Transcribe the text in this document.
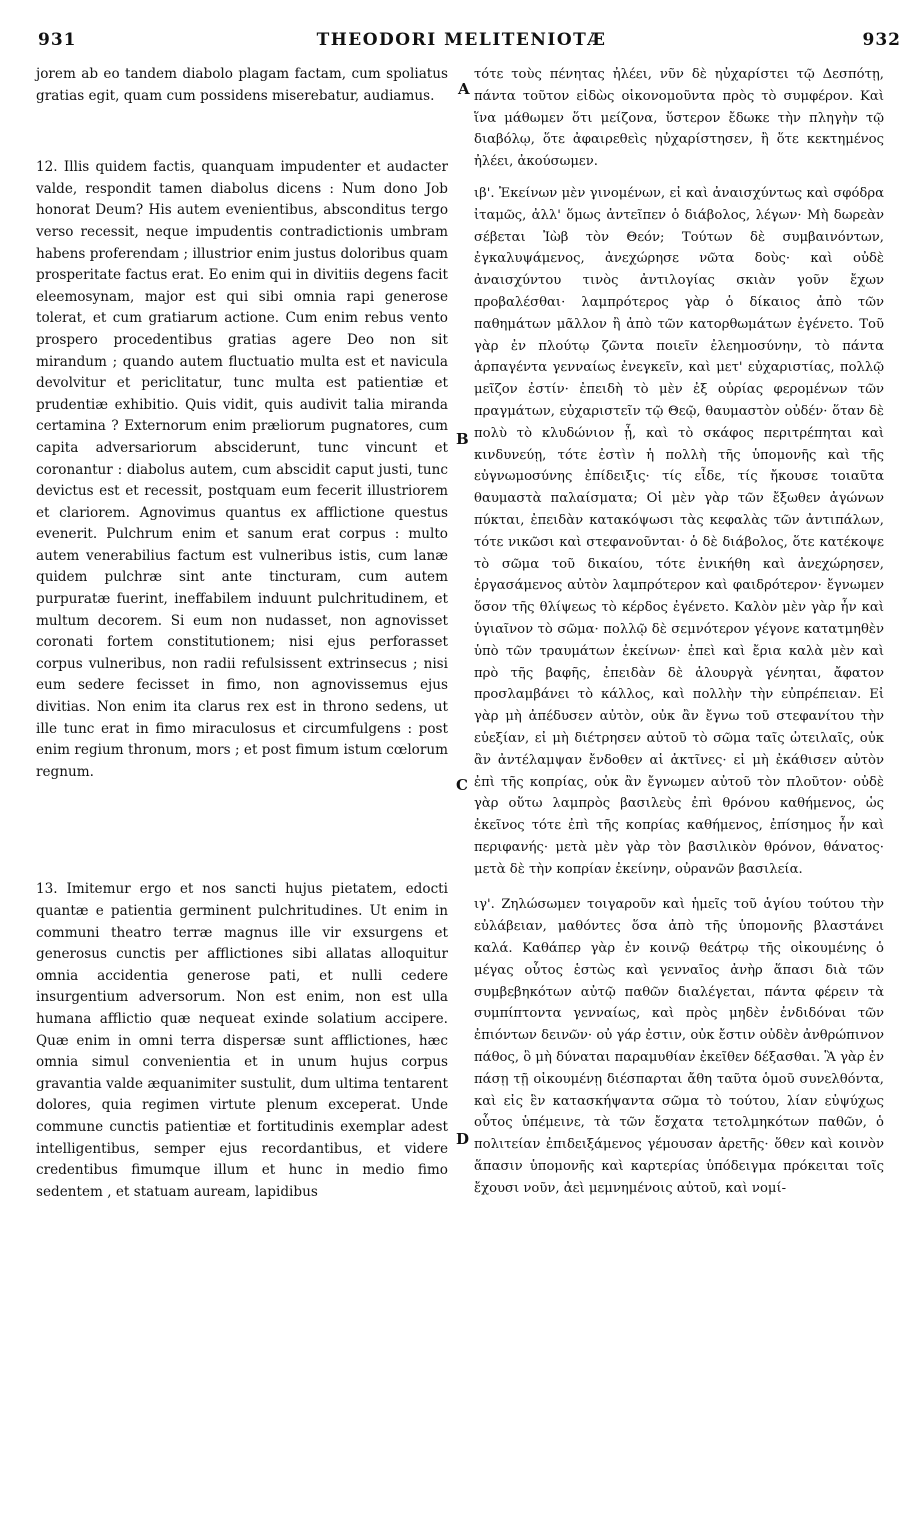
931	THEODORI MELITENIOTÆ	932

jorem ab eo tandem diabolo plagam factam, cum spoliatus gratias egit, quam cum possidens miserebatur, audiamus.

12. Illis quidem factis, quanquam impudenter et audacter valde, respondit tamen diabolus dicens : Num dono Job honorat Deum? His autem evenientibus, absconditus tergo verso recessit, neque impudentis contradictionis umbram habens proferendam ; illustrior enim justus doloribus quam prosperitate factus erat. Eo enim qui in divitiis degens facit eleemosynam, major est qui sibi omnia rapi generose tolerat, et cum gratiarum actione. Cum enim rebus vento prospero procedentibus gratias agere Deo non sit mirandum ; quando autem fluctuatio multa est et navicula devolvitur et periclitatur, tunc multa est patientiæ et prudentiæ exhibitio. Quis vidit, quis audivit talia miranda certamina ? Externorum enim præliorum pugnatores, cum capita adversariorum absciderunt, tunc vincunt et coronantur : diabolus autem, cum abscidit caput justi, tunc devictus est et recessit, postquam eum fecerit illustriorem et clariorem. Agnovimus quantus ex afflictione questus evenerit. Pulchrum enim et sanum erat corpus : multo autem venerabilius factum est vulneribus istis, cum lanæ quidem pulchræ sint ante tincturam, cum autem purpuratæ fuerint, ineffabilem induunt pulchritudinem, et multum decorem. Si eum non nudasset, non agnovisset coronati fortem constitutionem; nisi ejus perforasset corpus vulneribus, non radii refulsissent extrinsecus ; nisi eum sedere fecisset in fimo, non agnovissemus ejus divitias. Non enim ita clarus rex est in throno sedens, ut ille tunc erat in fimo miraculosus et circumfulgens : post enim regium thronum, mors ; et post fimum istum cœlorum regnum.

13. Imitemur ergo et nos sancti hujus pietatem, edocti quantæ e patientia germinent pulchritudines. Ut enim in communi theatro terræ magnus ille vir exsurgens et generosus cunctis per afflictiones sibi allatas alloquitur omnia accidentia generose pati, et nulli cedere insurgentium adversorum. Non est enim, non est ulla humana afflictio quæ nequeat exinde solatium accipere. Quæ enim in omni terra dispersæ sunt afflictiones, hæc omnia simul convenientia et in unum hujus corpus gravantia valde æquanimiter sustulit, dum ultima tentarent dolores, quia regimen virtute plenum exceperat. Unde commune cunctis patientiæ et fortitudinis exemplar adest intelligentibus, semper ejus recordantibus, et videre credentibus fimumque illum et hunc in medio fimo sedentem , et statuam auream, lapidibus

A
B
C
D

τότε τοὺς πένητας ἠλέει, νῦν δὲ ηὐχαρίστει τῷ Δεσπότῃ, πάντα τοῦτον εἰδὼς οἰκονομοῦντα πρὸς τὸ συμφέρον. Καὶ ἵνα μάθωμεν ὅτι μείζονα, ὕστερον ἔδωκε τὴν πληγὴν τῷ διαβόλῳ, ὅτε ἀφαιρεθεὶς ηὐχαρίστησεν, ἢ ὅτε κεκτημένος ἠλέει, ἀκούσωμεν.

ιβ'. Ἐκείνων μὲν γινομένων, εἰ καὶ ἀναισχύντως καὶ σφόδρα ἰταμῶς, ἀλλ' ὅμως ἀντεῖπεν ὁ διάβολος, λέγων· Μὴ δωρεὰν σέβεται Ἰὼβ τὸν Θεόν; Τούτων δὲ συμβαινόντων, ἐγκαλυψάμενος, ἀνεχώρησε νῶτα δοὺς· καὶ οὐδὲ ἀναισχύντου τινὸς ἀντιλογίας σκιὰν γοῦν ἔχων προβαλέσθαι· λαμπρότερος γὰρ ὁ δίκαιος ἀπὸ τῶν παθημάτων μᾶλλον ἢ ἀπὸ τῶν κατορθωμάτων ἐγένετο. Τοῦ γὰρ ἐν πλούτῳ ζῶντα ποιεῖν ἐλεημοσύνην, τὸ πάντα ἁρπαγέντα γενναίως ἐνεγκεῖν, καὶ μετ' εὐχαριστίας, πολλῷ μεῖζον ἐστίν· ἐπειδὴ τὸ μὲν ἐξ οὐρίας φερομένων τῶν πραγμάτων, εὐχαριστεῖν τῷ Θεῷ, θαυμαστὸν οὐδέν· ὅταν δὲ πολὺ τὸ κλυδώνιον ᾖ, καὶ τὸ σκάφος περιτρέπηται καὶ κινδυνεύῃ, τότε ἐστὶν ἡ πολλὴ τῆς ὑπομονῆς καὶ τῆς εὐγνωμοσύνης ἐπίδειξις· τίς εἶδε, τίς ἤκουσε τοιαῦτα θαυμαστὰ παλαίσματα; Οἱ μὲν γὰρ τῶν ἔξωθεν ἀγώνων πύκται, ἐπειδὰν κατακόψωσι τὰς κεφαλὰς τῶν ἀντιπάλων, τότε νικῶσι καὶ στεφανοῦνται· ὁ δὲ διάβολος, ὅτε κατέκοψε τὸ σῶμα τοῦ δικαίου, τότε ἐνικήθη καὶ ἀνεχώρησεν, ἐργασάμενος αὐτὸν λαμπρότερον καὶ φαιδρότερον· ἔγνωμεν ὅσον τῆς θλίψεως τὸ κέρδος ἐγένετο. Καλὸν μὲν γὰρ ἦν καὶ ὑγιαῖνον τὸ σῶμα· πολλῷ δὲ σεμνότερον γέγονε κατατμηθὲν ὑπὸ τῶν τραυμάτων ἐκείνων· ἐπεὶ καὶ ἔρια καλὰ μὲν καὶ πρὸ τῆς βαφῆς, ἐπειδὰν δὲ ἁλουργὰ γένηται, ἄφατον προσλαμβάνει τὸ κάλλος, καὶ πολλὴν τὴν εὐπρέπειαν. Εἰ γὰρ μὴ ἀπέδυσεν αὐτὸν, οὐκ ἂν ἔγνω τοῦ στεφανίτου τὴν εὐεξίαν, εἰ μὴ διέτρησεν αὐτοῦ τὸ σῶμα ταῖς ὠτειλαῖς, οὐκ ἂν ἀντέλαμψαν ἔνδοθεν αἱ ἀκτῖνες· εἰ μὴ ἐκάθισεν αὐτὸν ἐπὶ τῆς κοπρίας, οὐκ ἂν ἔγνωμεν αὐτοῦ τὸν πλοῦτον· οὐδὲ γὰρ οὕτω λαμπρὸς βασιλεὺς ἐπὶ θρόνου καθήμενος, ὡς ἐκεῖνος τότε ἐπὶ τῆς κοπρίας καθήμενος, ἐπίσημος ἦν καὶ περιφανής· μετὰ μὲν γὰρ τὸν βασιλικὸν θρόνον, θάνατος· μετὰ δὲ τὴν κοπρίαν ἐκείνην, οὐρανῶν βασιλεία.

ιγ'. Ζηλώσωμεν τοιγαροῦν καὶ ἡμεῖς τοῦ ἁγίου τούτου τὴν εὐλάβειαν, μαθόντες ὅσα ἀπὸ τῆς ὑπομονῆς βλαστάνει καλά. Καθάπερ γὰρ ἐν κοινῷ θεάτρῳ τῆς οἰκουμένης ὁ μέγας οὗτος ἑστὼς καὶ γενναῖος ἀνὴρ ἅπασι διὰ τῶν συμβεβηκότων αὐτῷ παθῶν διαλέγεται, πάντα φέρειν τὰ συμπίπτοντα γενναίως, καὶ πρὸς μηδὲν ἐνδιδόναι τῶν ἐπιόντων δεινῶν· οὐ γάρ ἐστιν, οὐκ ἔστιν οὐδὲν ἀνθρώπινον πάθος, ὃ μὴ δύναται παραμυθίαν ἐκεῖθεν δέξασθαι. Ἃ γὰρ ἐν πάσῃ τῇ οἰκουμένῃ διέσπαρται ἄθη ταῦτα ὁμοῦ συνελθόντα, καὶ εἰς ἓν κατασκήψαντα σῶμα τὸ τούτου, λίαν εὐψύχως οὗτος ὑπέμεινε, τὰ τῶν ἔσχατα τετολμηκότων παθῶν, ὁ πολιτείαν ἐπιδειξάμενος γέμουσαν ἀρετῆς· ὅθεν καὶ κοινὸν ἅπασιν ὑπομονῆς καὶ καρτερίας ὑπόδειγμα πρόκειται τοῖς ἔχουσι νοῦν, ἀεὶ μεμνημένοις αὐτοῦ, καὶ νομί-
